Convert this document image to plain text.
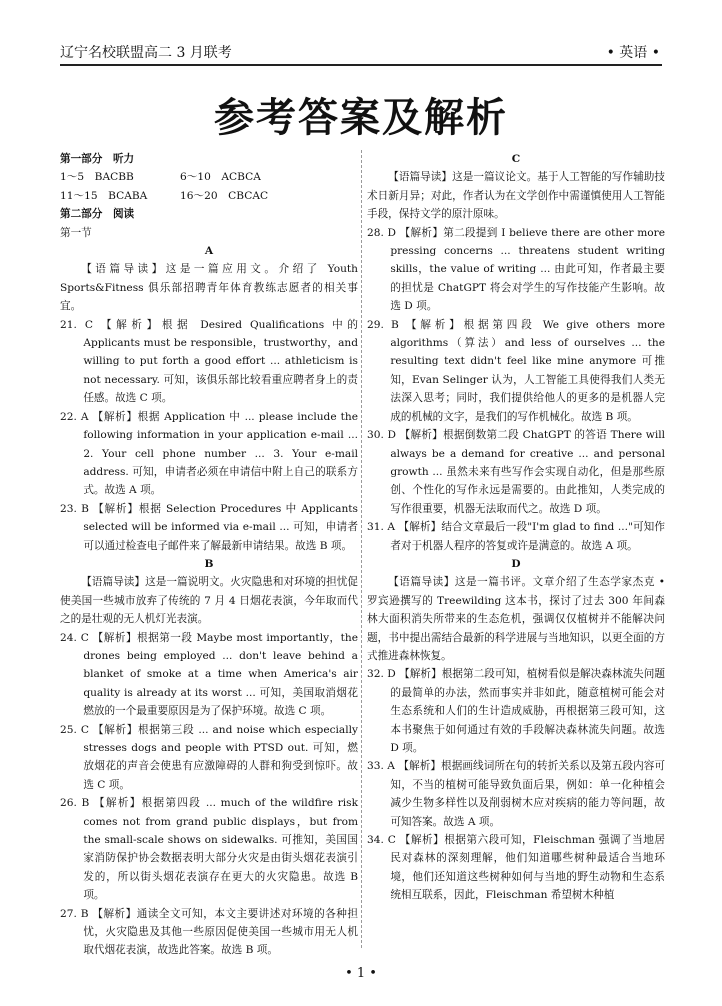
辽宁名校联盟高二 3 月联考	• 英语 •
参考答案及解析
第一部分　听力
1～5　BACBB	6～10　ACBCA
11～15　BCABA	16～20　CBCAC
第二部分　阅读
第一节
A

【语篇导读】这是一篇应用文。介绍了 Youth Sports&Fitness 俱乐部招聘青年体育教练志愿者的相关事宜。

21. C 【解析】根据 Desired Qualifications 中的 Applicants must be responsible，trustworthy，and willing to put forth a good effort ... athleticism is not necessary. 可知，该俱乐部比较看重应聘者身上的责任感。故选 C 项。

22. A 【解析】根据 Application 中 ... please include the following information in your application e-mail ... 2. Your cell phone number ... 3. Your e-mail address. 可知，申请者必须在申请信中附上自己的联系方式。故选 A 项。

23. B 【解析】根据 Selection Procedures 中 Applicants selected will be informed via e-mail ... 可知，申请者可以通过检查电子邮件来了解最新申请结果。故选 B 项。

B

【语篇导读】这是一篇说明文。火灾隐患和对环境的担忧促使美国一些城市放弃了传统的 7 月 4 日烟花表演，今年取而代之的是壮观的无人机灯光表演。

24. C 【解析】根据第一段 Maybe most importantly，the drones being employed ... don't leave behind a blanket of smoke at a time when America's air quality is already at its worst ... 可知，美国取消烟花燃放的一个最重要原因是为了保护环境。故选 C 项。

25. C 【解析】根据第三段 ... and noise which especially stresses dogs and people with PTSD out. 可知，燃放烟花的声音会使患有应激障碍的人群和狗受到惊吓。故选 C 项。

26. B 【解析】根据第四段 ... much of the wildfire risk comes not from grand public displays，but from the small-scale shows on sidewalks. 可推知，美国国家消防保护协会数据表明大部分火灾是由街头烟花表演引发的，所以街头烟花表演存在更大的火灾隐患。故选 B 项。

27. B 【解析】通读全文可知，本文主要讲述对环境的各种担忧，火灾隐患及其他一些原因促使美国一些城市用无人机取代烟花表演，故选此答案。故选 B 项。

C

【语篇导读】这是一篇议论文。基于人工智能的写作辅助技术日新月异；对此，作者认为在文学创作中需谨慎使用人工智能手段，保持文学的原汁原味。

28. D 【解析】第二段提到 I believe there are other more pressing concerns ... threatens student writing skills，the value of writing ... 由此可知，作者最主要的担忧是 ChatGPT 将会对学生的写作技能产生影响。故选 D 项。

29. B 【解析】根据第四段 We give others more algorithms（算法）and less of ourselves ... the resulting text didn't feel like mine anymore 可推知，Evan Selinger 认为，人工智能工具使得我们人类无法深入思考；同时，我们提供给他人的更多的是机器人完成的机械的文字，是我们的写作机械化。故选 B 项。

30. D 【解析】根据倒数第二段 ChatGPT 的答语 There will always be a demand for creative ... and personal growth ... 虽然未来有些写作会实现自动化，但是那些原创、个性化的写作永远是需要的。由此推知，人类完成的写作很重要，机器无法取而代之。故选 D 项。

31. A 【解析】结合文章最后一段"I'm glad to find ..."可知作者对于机器人程序的答复或许是满意的。故选 A 项。

D

【语篇导读】这是一篇书评。文章介绍了生态学家杰克 • 罗宾逊撰写的 Treewilding 这本书，探讨了过去 300 年间森林大面积消失所带来的生态危机，强调仅仅植树并不能解决问题，书中提出需结合最新的科学进展与当地知识，以更全面的方式推进森林恢复。

32. D 【解析】根据第二段可知，植树看似是解决森林流失问题的最简单的办法，然而事实并非如此，随意植树可能会对生态系统和人们的生计造成威胁，再根据第三段可知，这本书聚焦于如何通过有效的手段解决森林流失问题。故选 D 项。

33. A 【解析】根据画线词所在句的转折关系以及第五段内容可知，不当的植树可能导致负面后果，例如：单一化种植会减少生物多样性以及削弱树木应对疾病的能力等问题，故可知答案。故选 A 项。

34. C 【解析】根据第六段可知，Fleischman 强调了当地居民对森林的深刻理解，他们知道哪些树种最适合当地环境，他们还知道这些树种如何与当地的野生动物和生态系统相互联系，因此，Fleischman 希望树木种植

• 1 •
